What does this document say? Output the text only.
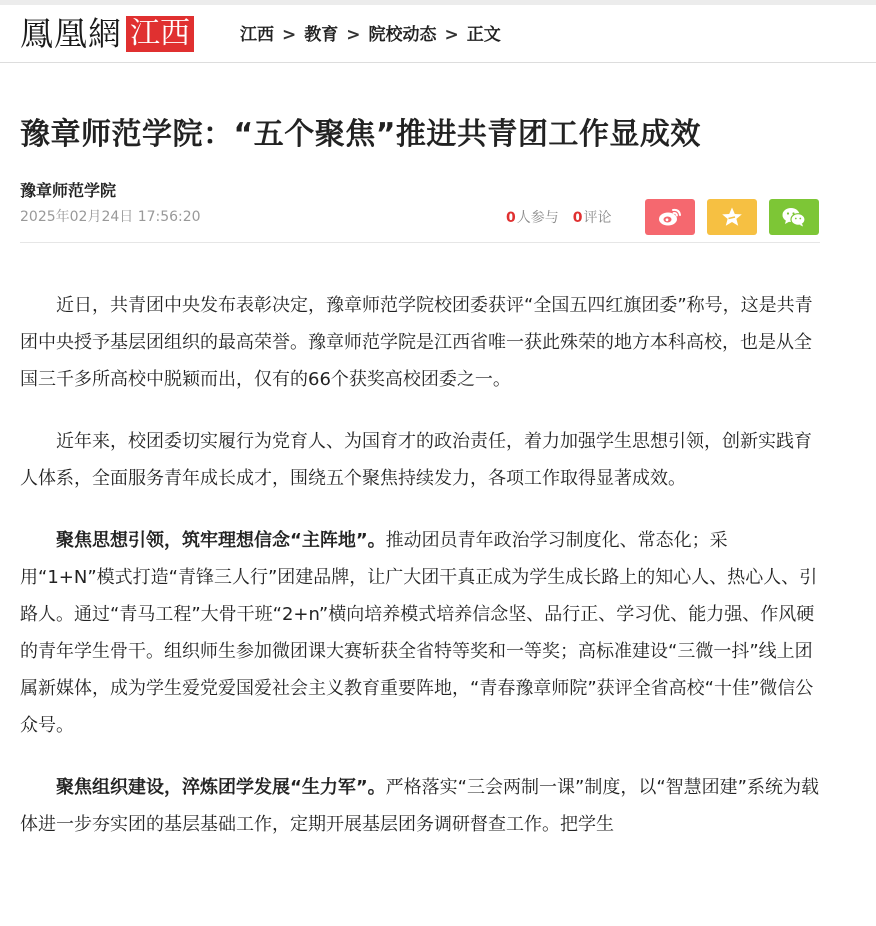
鳳凰網 江西	江西 > 教育 > 院校动态 > 正文
豫章师范学院：“五个聚焦”推进共青团工作显成效
豫章师范学院
2025年02月24日 17:56:20	0人参与 0评论

近日，共青团中央发布表彰决定，豫章师范学院校团委获评“全国五四红旗团委”称号，这是共青团中央授予基层团组织的最高荣誉。豫章师范学院是江西省唯一获此殊荣的地方本科高校，也是从全国三千多所高校中脱颖而出，仅有的66个获奖高校团委之一。

近年来，校团委切实履行为党育人、为国育才的政治责任，着力加强学生思想引领，创新实践育人体系，全面服务青年成长成才，围绕五个聚焦持续发力，各项工作取得显著成效。

聚焦思想引领，筑牢理想信念“主阵地”。推动团员青年政治学习制度化、常态化；采用“1+N”模式打造“青锋三人行”团建品牌，让广大团干真正成为学生成长路上的知心人、热心人、引路人。通过“青马工程”大骨干班“2+n”横向培养模式培养信念坚、品行正、学习优、能力强、作风硬的青年学生骨干。组织师生参加微团课大赛斩获全省特等奖和一等奖；高标准建设“三微一抖”线上团属新媒体，成为学生爱党爱国爱社会主义教育重要阵地，“青春豫章师院”获评全省高校“十佳”微信公众号。

聚焦组织建设，淬炼团学发展“生力军”。严格落实“三会两制一课”制度，以“智慧团建”系统为载体进一步夯实团的基层基础工作，定期开展基层团务调研督查工作。把学生
